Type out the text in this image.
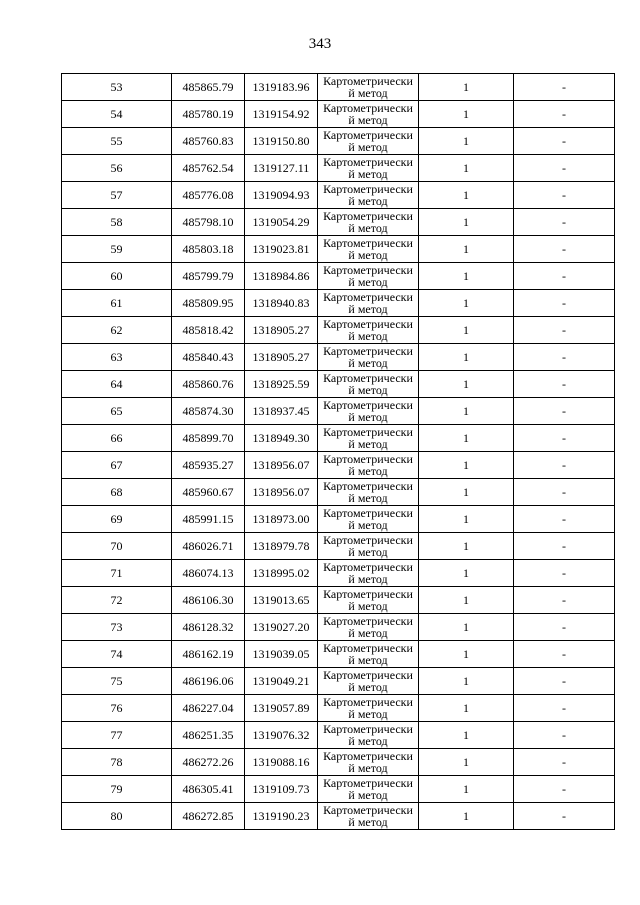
343
53	485865.79	1319183.96	Картометрически
й метод	1	-
54	485780.19	1319154.92	Картометрически
й метод	1	-
55	485760.83	1319150.80	Картометрически
й метод	1	-
56	485762.54	1319127.11	Картометрически
й метод	1	-
57	485776.08	1319094.93	Картометрически
й метод	1	-
58	485798.10	1319054.29	Картометрически
й метод	1	-
59	485803.18	1319023.81	Картометрически
й метод	1	-
60	485799.79	1318984.86	Картометрически
й метод	1	-
61	485809.95	1318940.83	Картометрически
й метод	1	-
62	485818.42	1318905.27	Картометрически
й метод	1	-
63	485840.43	1318905.27	Картометрически
й метод	1	-
64	485860.76	1318925.59	Картометрически
й метод	1	-
65	485874.30	1318937.45	Картометрически
й метод	1	-
66	485899.70	1318949.30	Картометрически
й метод	1	-
67	485935.27	1318956.07	Картометрически
й метод	1	-
68	485960.67	1318956.07	Картометрически
й метод	1	-
69	485991.15	1318973.00	Картометрически
й метод	1	-
70	486026.71	1318979.78	Картометрически
й метод	1	-
71	486074.13	1318995.02	Картометрически
й метод	1	-
72	486106.30	1319013.65	Картометрически
й метод	1	-
73	486128.32	1319027.20	Картометрически
й метод	1	-
74	486162.19	1319039.05	Картометрически
й метод	1	-
75	486196.06	1319049.21	Картометрически
й метод	1	-
76	486227.04	1319057.89	Картометрически
й метод	1	-
77	486251.35	1319076.32	Картометрически
й метод	1	-
78	486272.26	1319088.16	Картометрически
й метод	1	-
79	486305.41	1319109.73	Картометрически
й метод	1	-
80	486272.85	1319190.23	Картометрически
й метод	1	-
